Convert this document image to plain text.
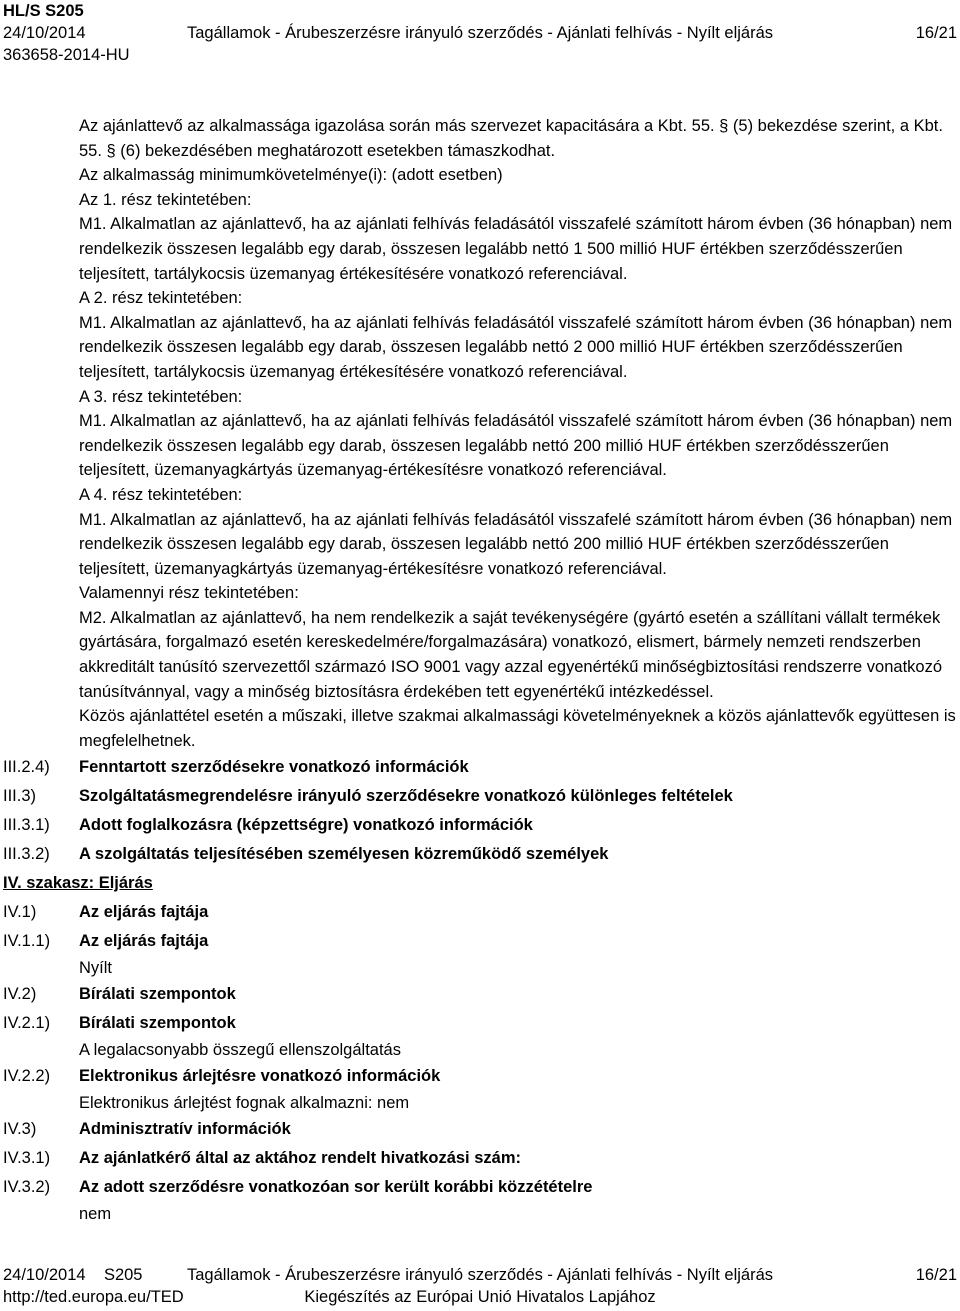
HL/S S205
24/10/2014	Tagállamok - Árubeszerzésre irányuló szerződés - Ajánlati felhívás - Nyílt eljárás	16/21
363658-2014-HU
Az ajánlattevő az alkalmassága igazolása során más szervezet kapacitására a Kbt. 55. § (5) bekezdése szerint, a Kbt. 55. § (6) bekezdésében meghatározott esetekben támaszkodhat.
Az alkalmasság minimumkövetelménye(i): (adott esetben)
Az 1. rész tekintetében:
M1. Alkalmatlan az ajánlattevő, ha az ajánlati felhívás feladásától visszafelé számított három évben (36 hónapban) nem rendelkezik összesen legalább egy darab, összesen legalább nettó 1 500 millió HUF értékben szerződésszerűen teljesített, tartálykocsis üzemanyag értékesítésére vonatkozó referenciával.
A 2. rész tekintetében:
M1. Alkalmatlan az ajánlattevő, ha az ajánlati felhívás feladásától visszafelé számított három évben (36 hónapban) nem rendelkezik összesen legalább egy darab, összesen legalább nettó 2 000 millió HUF értékben szerződésszerűen teljesített, tartálykocsis üzemanyag értékesítésére vonatkozó referenciával.
A 3. rész tekintetében:
M1. Alkalmatlan az ajánlattevő, ha az ajánlati felhívás feladásától visszafelé számított három évben (36 hónapban) nem rendelkezik összesen legalább egy darab, összesen legalább nettó 200 millió HUF értékben szerződésszerűen teljesített, üzemanyagkártyás üzemanyag-értékesítésre vonatkozó referenciával.
A 4. rész tekintetében:
M1. Alkalmatlan az ajánlattevő, ha az ajánlati felhívás feladásától visszafelé számított három évben (36 hónapban) nem rendelkezik összesen legalább egy darab, összesen legalább nettó 200 millió HUF értékben szerződésszerűen teljesített, üzemanyagkártyás üzemanyag-értékesítésre vonatkozó referenciával.
Valamennyi rész tekintetében:
M2. Alkalmatlan az ajánlattevő, ha nem rendelkezik a saját tevékenységére (gyártó esetén a szállítani vállalt termékek gyártására, forgalmazó esetén kereskedelmére/forgalmazására) vonatkozó, elismert, bármely nemzeti rendszerben akkreditált tanúsító szervezettől származó ISO 9001 vagy azzal egyenértékű minőségbiztosítási rendszerre vonatkozó tanúsítvánnyal, vagy a minőség biztosításra érdekében tett egyenértékű intézkedéssel.
Közös ajánlattétel esetén a műszaki, illetve szakmai alkalmassági követelményeknek a közös ajánlattevők együttesen is megfelelhetnek.
III.2.4) Fenntartott szerződésekre vonatkozó információk
III.3)	Szolgáltatásmegrendelésre irányuló szerződésekre vonatkozó különleges feltételek
III.3.1) Adott foglalkozásra (képzettségre) vonatkozó információk
III.3.2) A szolgáltatás teljesítésében személyesen közreműködő személyek
IV. szakasz: Eljárás
IV.1)	Az eljárás fajtája
IV.1.1) Az eljárás fajtája
Nyílt
IV.2)	Bírálati szempontok
IV.2.1) Bírálati szempontok
A legalacsonyabb összegű ellenszolgáltatás
IV.2.2) Elektronikus árlejtésre vonatkozó információk
Elektronikus árlejtést fognak alkalmazni: nem
IV.3)	Adminisztratív információk
IV.3.1) Az ajánlatkérő által az aktához rendelt hivatkozási szám:
IV.3.2) Az adott szerződésre vonatkozóan sor került korábbi közzétételre
nem
24/10/2014 S205	Tagállamok - Árubeszerzésre irányuló szerződés - Ajánlati felhívás - Nyílt eljárás	16/21
http://ted.europa.eu/TED	Kiegészítés az Európai Unió Hivatalos Lapjához
